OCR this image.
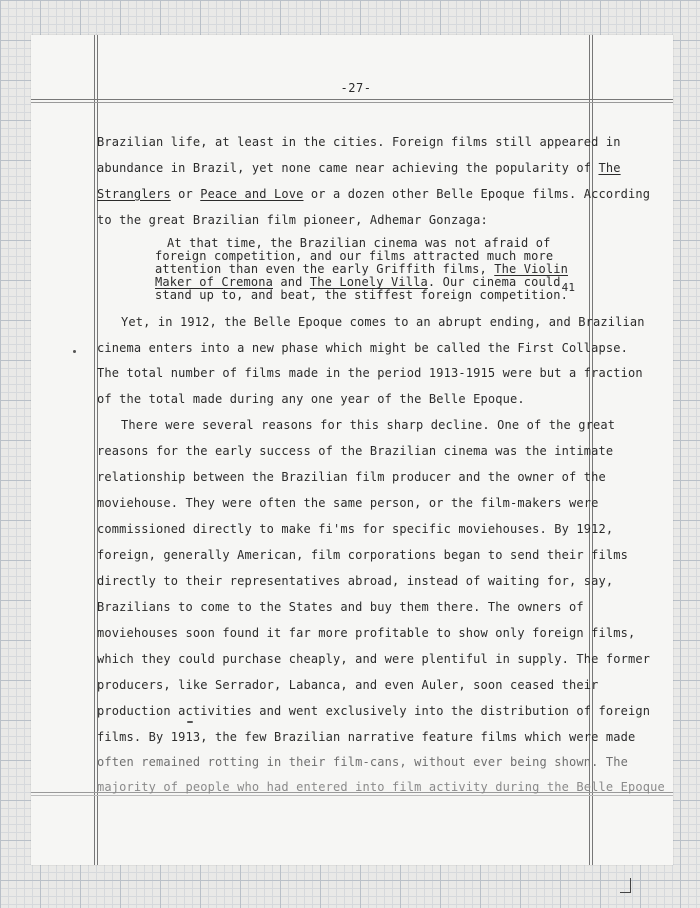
-27-
Brazilian life, at least in the cities. Foreign films still appeared in
abundance in Brazil, yet none came near achieving the popularity of The
Stranglers or Peace and Love or a dozen other Belle Epoque films. According
to the great Brazilian film pioneer, Adhemar Gonzaga:
At that time, the Brazilian cinema was not afraid of
foreign competition, and our films attracted much more
attention than even the early Griffith films, The Violin
Maker of Cremona and The Lonely Villa. Our cinema could41
stand up to, and beat, the stiffest foreign competition.
Yet, in 1912, the Belle Epoque comes to an abrupt ending, and Brazilian
cinema enters into a new phase which might be called the First Collapse.
The total number of films made in the period 1913-1915 were but a fraction
of the total made during any one year of the Belle Epoque.
There were several reasons for this sharp decline. One of the great
reasons for the early success of the Brazilian cinema was the intimate
relationship between the Brazilian film producer and the owner of the
moviehouse. They were often the same person, or the film-makers were
commissioned directly to make fi'ms for specific moviehouses. By 1912,
foreign, generally American, film corporations began to send their films
directly to their representatives abroad, instead of waiting for, say,
Brazilians to come to the States and buy them there. The owners of
moviehouses soon found it far more profitable to show only foreign films,
which they could purchase cheaply, and were plentiful in supply. The former
producers, like Serrador, Labanca, and even Auler, soon ceased their
production activities and went exclusively into the distribution of foreign
films. By 1913, the few Brazilian narrative feature films which were made
often remained rotting in their film-cans, without ever being shown. The
majority of people who had entered into film activity during the Belle Epoque
